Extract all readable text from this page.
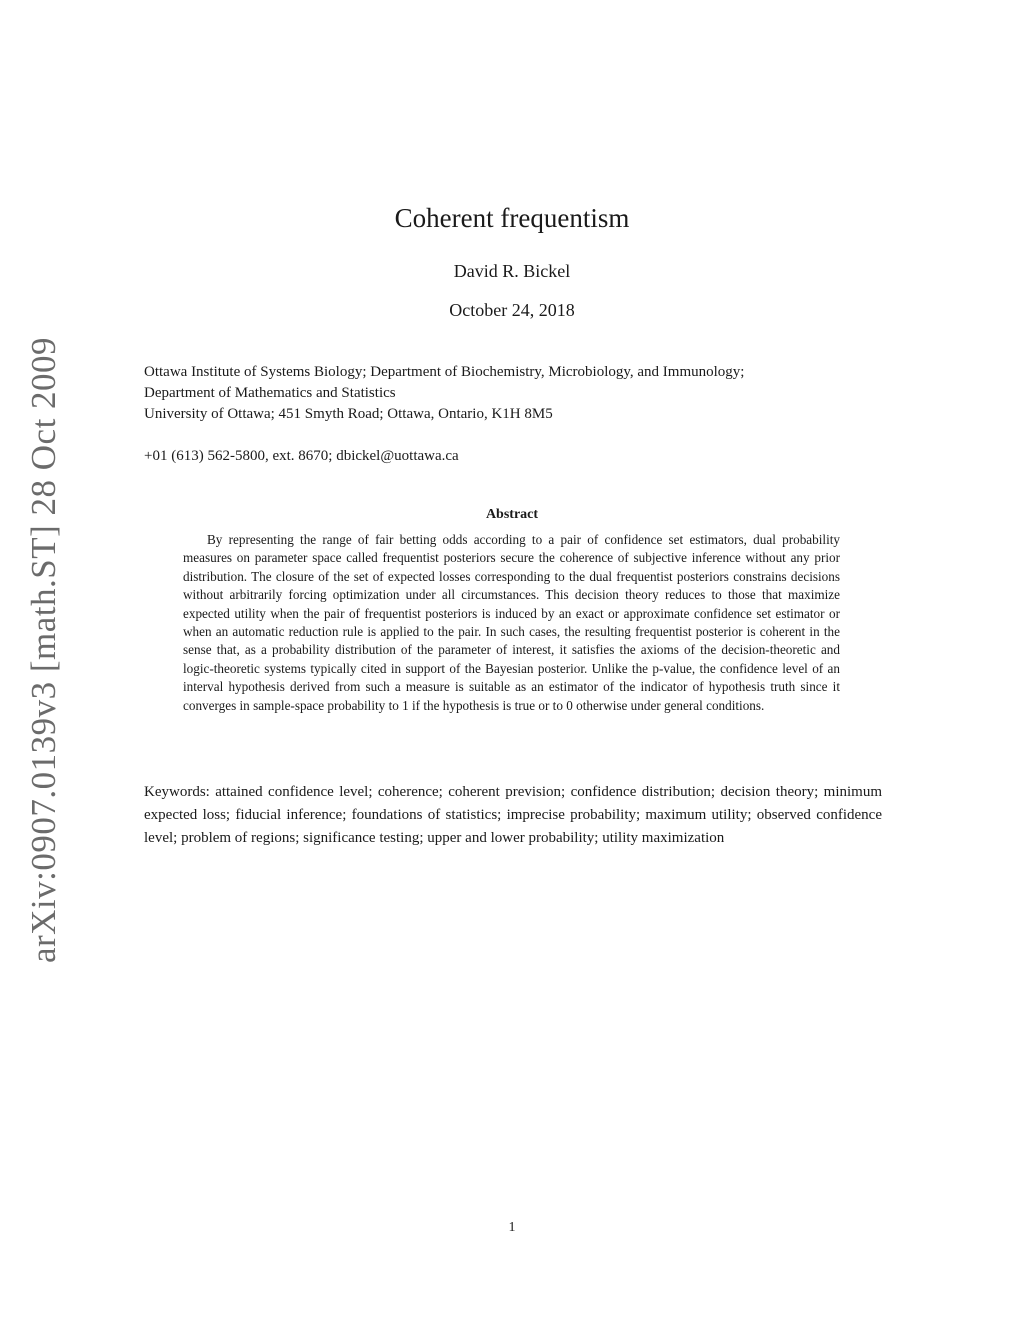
arXiv:0907.0139v3 [math.ST] 28 Oct 2009
Coherent frequentism
David R. Bickel
October 24, 2018
Ottawa Institute of Systems Biology; Department of Biochemistry, Microbiology, and Immunology;
Department of Mathematics and Statistics
University of Ottawa; 451 Smyth Road; Ottawa, Ontario, K1H 8M5
+01 (613) 562-5800, ext. 8670; dbickel@uottawa.ca
Abstract

By representing the range of fair betting odds according to a pair of confidence set estimators, dual probability measures on parameter space called frequentist posteriors secure the coherence of subjective inference without any prior distribution. The closure of the set of expected losses corresponding to the dual frequentist posteriors constrains decisions without arbitrarily forcing optimization under all circumstances. This decision theory reduces to those that maximize expected utility when the pair of frequentist posteriors is induced by an exact or approximate confidence set estimator or when an automatic reduction rule is applied to the pair. In such cases, the resulting frequentist posterior is coherent in the sense that, as a probability distribution of the parameter of interest, it satisfies the axioms of the decision-theoretic and logic-theoretic systems typically cited in support of the Bayesian posterior. Unlike the p-value, the confidence level of an interval hypothesis derived from such a measure is suitable as an estimator of the indicator of hypothesis truth since it converges in sample-space probability to 1 if the hypothesis is true or to 0 otherwise under general conditions.

Keywords: attained confidence level; coherence; coherent prevision; confidence distribution; decision theory; minimum expected loss; fiducial inference; foundations of statistics; imprecise probability; maximum utility; observed confidence level; problem of regions; significance testing; upper and lower probability; utility maximization

1
